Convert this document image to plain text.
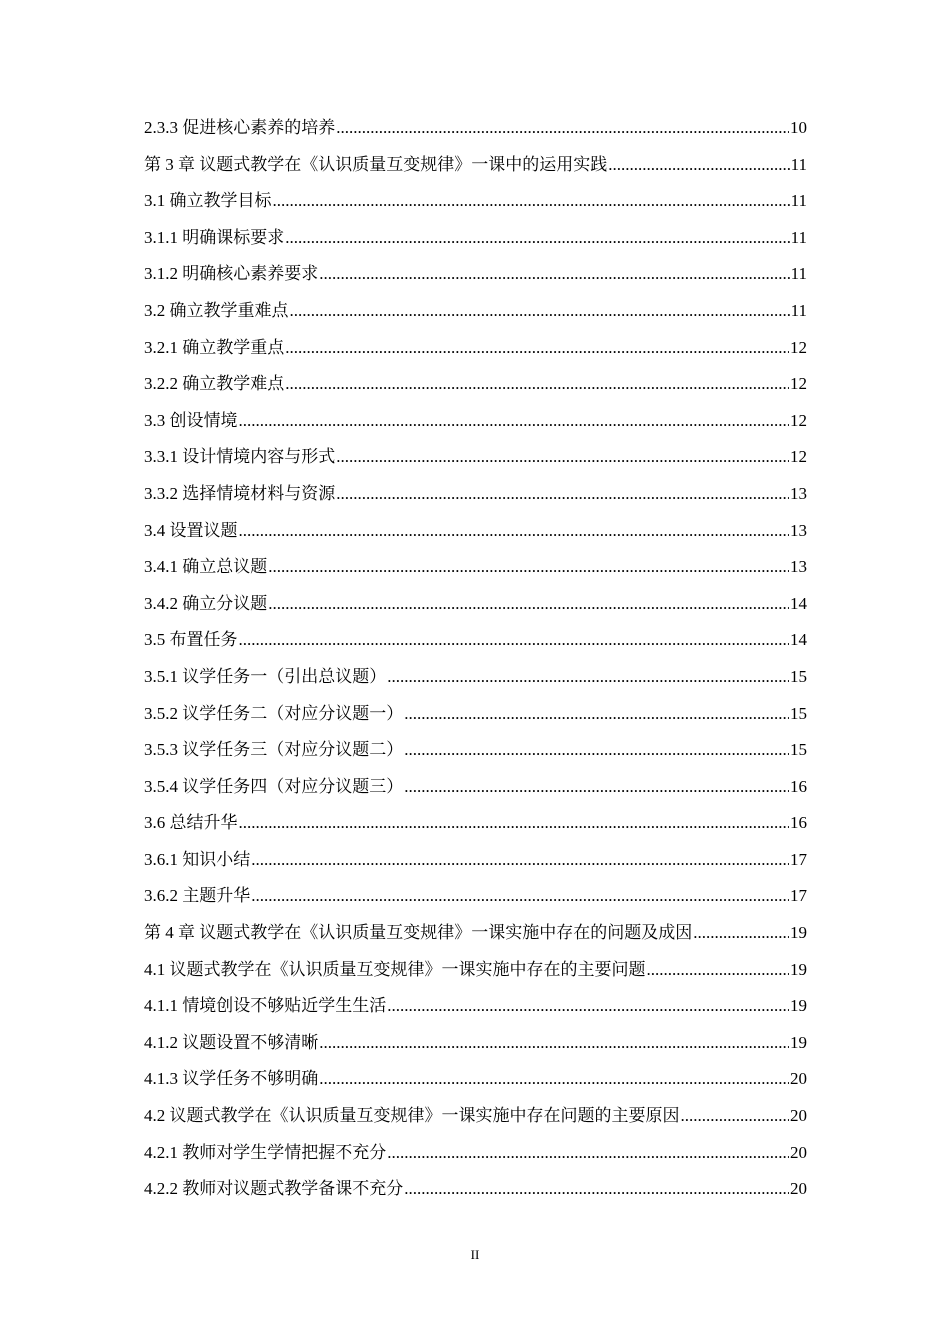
2.3.3 促进核心素养的培养 .....	10
第 3 章 议题式教学在《认识质量互变规律》一课中的运用实践 .....	11
3.1 确立教学目标 .....	11
3.1.1 明确课标要求 .....	11
3.1.2 明确核心素养要求 .....	11
3.2 确立教学重难点 .....	11
3.2.1 确立教学重点 .....	12
3.2.2 确立教学难点 .....	12
3.3 创设情境 .....	12
3.3.1 设计情境内容与形式 .....	12
3.3.2 选择情境材料与资源 .....	13
3.4 设置议题 .....	13
3.4.1 确立总议题 .....	13
3.4.2 确立分议题 .....	14
3.5 布置任务 .....	14
3.5.1 议学任务一（引出总议题） .....	15
3.5.2 议学任务二（对应分议题一） .....	15
3.5.3 议学任务三（对应分议题二） .....	15
3.5.4 议学任务四（对应分议题三） .....	16
3.6 总结升华 .....	16
3.6.1 知识小结 .....	17
3.6.2 主题升华 .....	17
第 4 章 议题式教学在《认识质量互变规律》一课实施中存在的问题及成因 .....	19
4.1 议题式教学在《认识质量互变规律》一课实施中存在的主要问题 .....	19
4.1.1 情境创设不够贴近学生生活 .....	19
4.1.2 议题设置不够清晰 .....	19
4.1.3 议学任务不够明确 .....	20
4.2 议题式教学在《认识质量互变规律》一课实施中存在问题的主要原因 .....	20
4.2.1 教师对学生学情把握不充分 .....	20
4.2.2 教师对议题式教学备课不充分 .....	20
II
